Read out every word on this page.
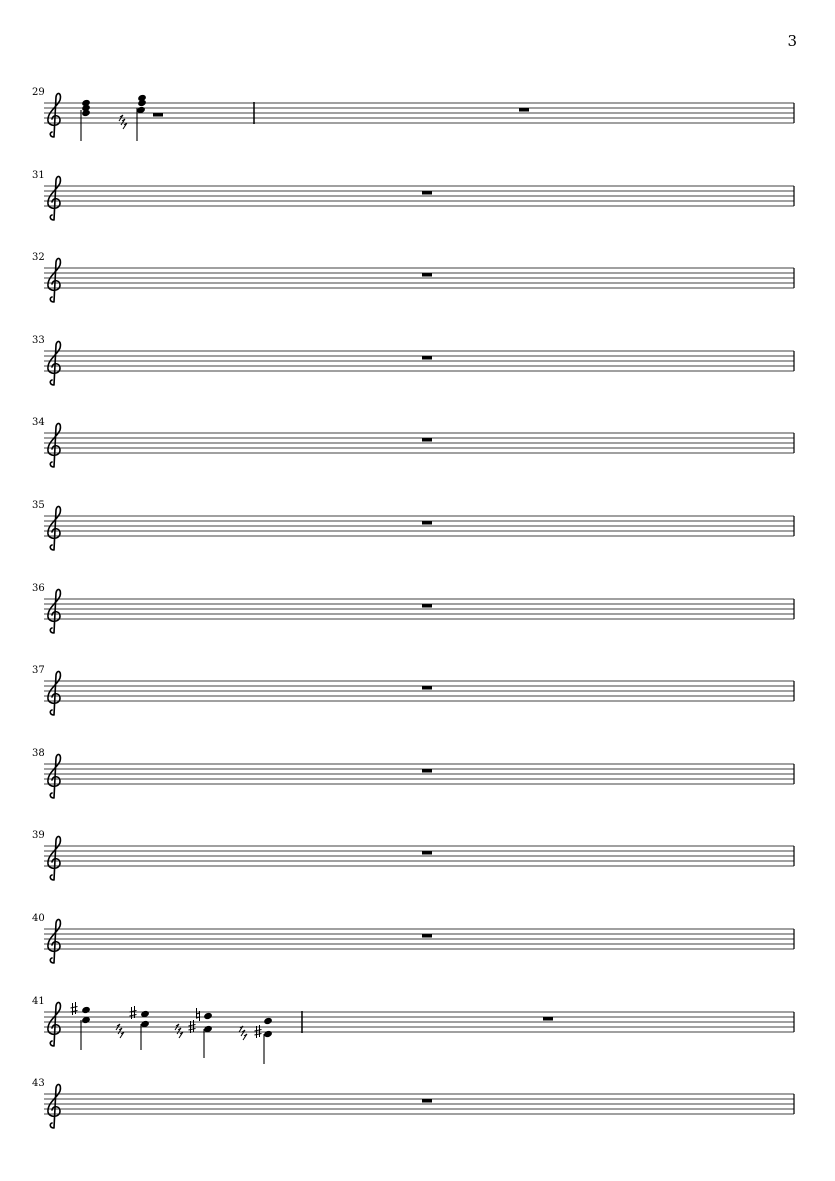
3
29
31
32
33
34
35
36
37
38
39
40
41
43
